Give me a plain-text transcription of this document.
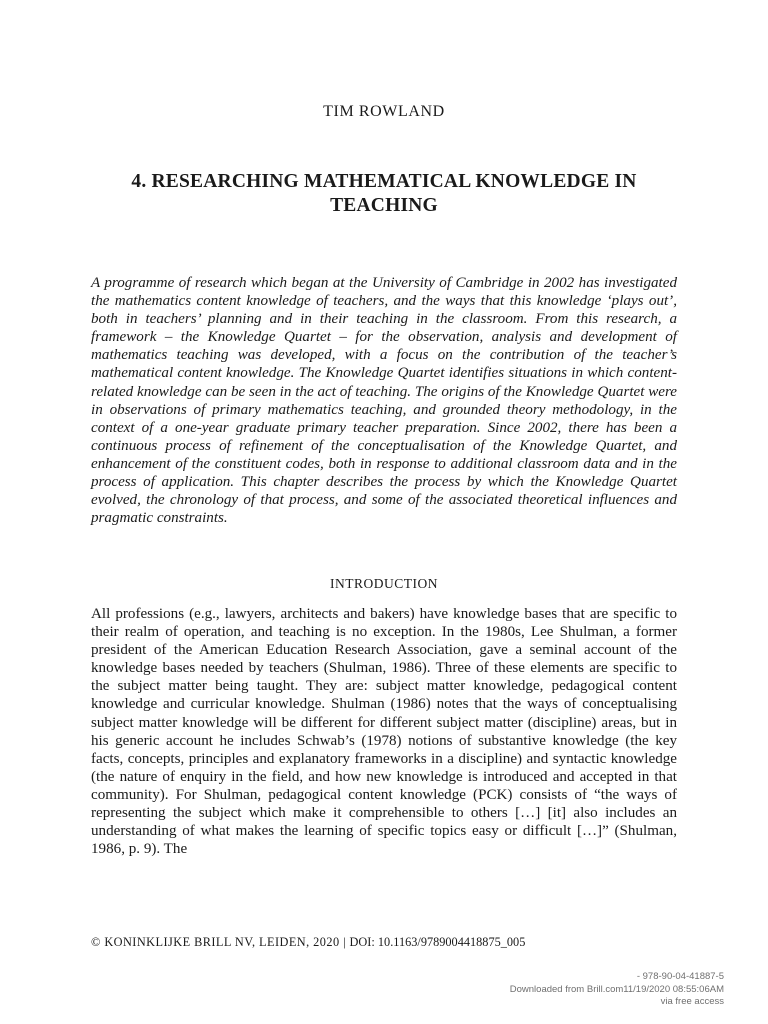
TIM ROWLAND
4. RESEARCHING MATHEMATICAL KNOWLEDGE IN TEACHING

A programme of research which began at the University of Cambridge in 2002 has investigated the mathematics content knowledge of teachers, and the ways that this knowledge ‘plays out’, both in teachers’ planning and in their teaching in the classroom. From this research, a framework – the Knowledge Quartet – for the observation, analysis and development of mathematics teaching was developed, with a focus on the contribution of the teacher’s mathematical content knowledge. The Knowledge Quartet identifies situations in which content-related knowledge can be seen in the act of teaching. The origins of the Knowledge Quartet were in observations of primary mathematics teaching, and grounded theory methodology, in the context of a one-year graduate primary teacher preparation. Since 2002, there has been a continuous process of refinement of the conceptualisation of the Knowledge Quartet, and enhancement of the constituent codes, both in response to additional classroom data and in the process of application. This chapter describes the process by which the Knowledge Quartet evolved, the chronology of that process, and some of the associated theoretical influences and pragmatic constraints.

INTRODUCTION

All professions (e.g., lawyers, architects and bakers) have knowledge bases that are specific to their realm of operation, and teaching is no exception. In the 1980s, Lee Shulman, a former president of the American Education Research Association, gave a seminal account of the knowledge bases needed by teachers (Shulman, 1986). Three of these elements are specific to the subject matter being taught. They are: subject matter knowledge, pedagogical content knowledge and curricular knowledge. Shulman (1986) notes that the ways of conceptualising subject matter knowledge will be different for different subject matter (discipline) areas, but in his generic account he includes Schwab’s (1978) notions of substantive knowledge (the key facts, concepts, principles and explanatory frameworks in a discipline) and syntactic knowledge (the nature of enquiry in the field, and how new knowledge is introduced and accepted in that community). For Shulman, pedagogical content knowledge (PCK) consists of “the ways of representing the subject which make it comprehensible to others […] [it] also includes an understanding of what makes the learning of specific topics easy or difficult […]” (Shulman, 1986, p. 9). The

© KONINKLIJKE BRILL NV, LEIDEN, 2020 | DOI: 10.1163/9789004418875_005
- 978-90-04-41887-5
Downloaded from Brill.com11/19/2020 08:55:06AM
via free access
